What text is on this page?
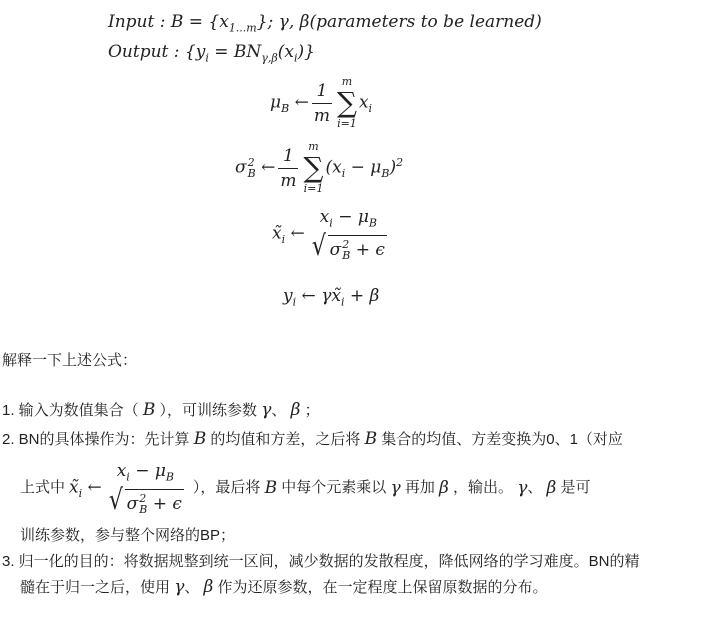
Input : $B = \{x_{1...m}\}$; γ, β(parameters to be learned)
Output : $\{y_i = BN_{\gamma,\beta}(x_i)\}$
$\mu_B$ ← $\frac{1}{m}$ m
∑
i=1
$x_i$
σ 2
B ← $\frac{1}{m}$ m
∑
i=1
$(x_i - \mu_B)^2$
$x̃_i$ ←
$x_i - \mu_B$
√ σ 2
B + ϵ
$y_i$ ← $\gamma x̃_i + \beta$
解释一下上述公式：
1. 输入为数值集合（ B ），可训练参数 γ、 β ；
2. BN的具体操作为：先计算 B 的均值和方差，之后将 B 集合的均值、方差变换为0、1（对应
上式中 $x̃_i$ ←
$x_i - \mu_B$
√ σ 2
B + ϵ
），最后将
B
中每个元素乘以
γ
再加
β
，输出。
γ 、
β
是可
训练参数，参与整个网络的BP；
3. 归一化的目的：将数据规整到统一区间，减少数据的发散程度，降低网络的学习难度。BN的精
髓在于归一之后，使用 γ、 β 作为还原参数，在一定程度上保留原数据的分布。
